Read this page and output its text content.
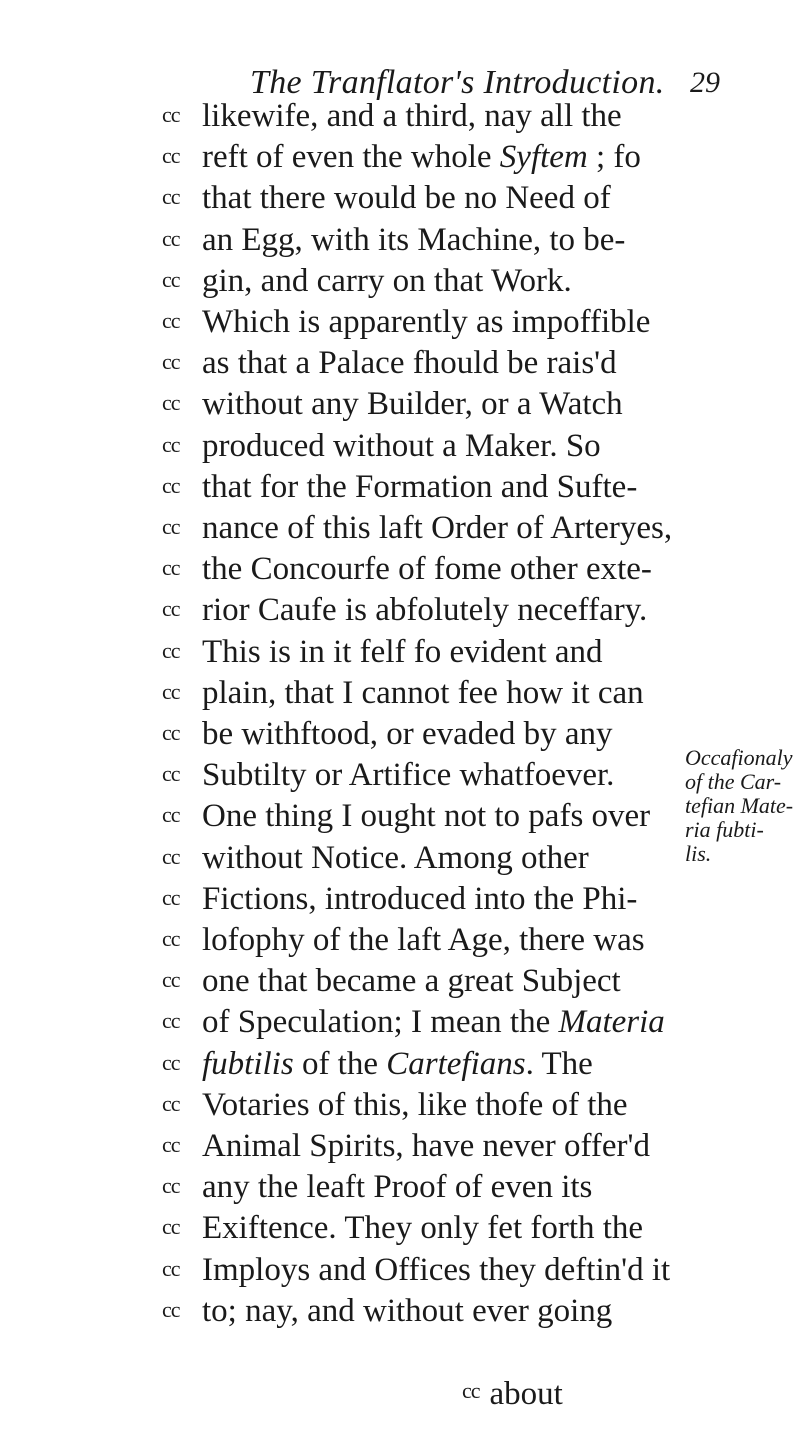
The Tranflator's Introduction. 29
cc likewife, and a third, nay all the
cc reft of even the whole Syftem ; fo
cc that there would be no Need of
cc an Egg, with its Machine, to be-
cc gin, and carry on that Work.
cc Which is apparently as impoffible
cc as that a Palace fhould be rais'd
cc without any Builder, or a Watch
cc produced without a Maker. So
cc that for the Formation and Sufte-
cc nance of this laft Order of Arteryes,
cc the Concourfe of fome other exte-
cc rior Caufe is abfolutely neceffary.
cc This is in it felf fo evident and
cc plain, that I cannot fee how it can
cc be withftood, or evaded by any
cc Subtilty or Artifice whatfoever.
cc One thing I ought not to pafs over
cc without Notice. Among other
cc Fictions, introduced into the Phi-
cc lofophy of the laft Age, there was
cc one that became a great Subject
cc of Speculation; I mean the Materia
cc fubtilis of the Cartefians. The
cc Votaries of this, like thofe of the
cc Animal Spirits, have never offer'd
cc any the leaft Proof of even its
cc Exiftence. They only fet forth the
cc Imploys and Offices they deftin'd it
cc to; nay, and without ever going
Occafionaly
of the Car-
tefian Mate-
ria fubti-
lis.
cc about
